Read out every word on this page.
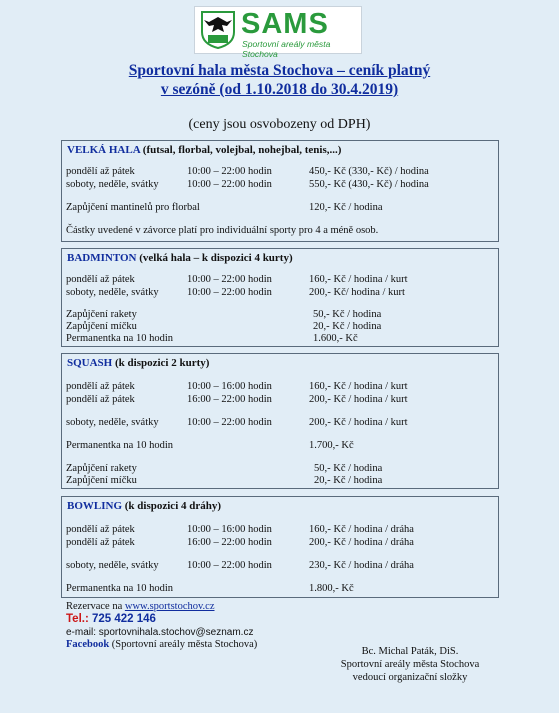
SAMS
Sportovní areály města Stochova
Sportovní hala města Stochova – ceník platný
v sezóně (od 1.10.2018 do 30.4.2019)
(ceny jsou osvobozeny od DPH)
VELKÁ HALA (futsal, florbal, volejbal, nohejbal, tenis,...)
pondělí až pátek	10:00 – 22:00 hodin	450,- Kč (330,- Kč) / hodina
soboty, neděle, svátky	10:00 – 22:00 hodin	550,- Kč (430,- Kč) / hodina
Zapůjčení mantinelů pro florbal	120,- Kč / hodina
Částky uvedené v závorce platí pro individuální sporty pro 4 a méně osob.
BADMINTON (velká hala – k dispozici 4 kurty)
pondělí až pátek	10:00 – 22:00 hodin	160,- Kč / hodina / kurt
soboty, neděle, svátky	10:00 – 22:00 hodin	200,- Kč/ hodina / kurt
Zapůjčení rakety	50,- Kč / hodina
Zapůjčení míčku	20,- Kč / hodina
Permanentka na 10 hodin	1.600,- Kč
SQUASH (k dispozici 2 kurty)
pondělí až pátek	10:00 – 16:00 hodin	160,- Kč / hodina / kurt
pondělí až pátek	16:00 – 22:00 hodin	200,- Kč / hodina / kurt
soboty, neděle, svátky	10:00 – 22:00 hodin	200,- Kč / hodina / kurt
Permanentka na 10 hodin	1.700,- Kč
Zapůjčení rakety	50,- Kč / hodina
Zapůjčení míčku	20,- Kč / hodina
BOWLING (k dispozici 4 dráhy)
pondělí až pátek	10:00 – 16:00 hodin	160,- Kč / hodina / dráha
pondělí až pátek	16:00 – 22:00 hodin	200,- Kč / hodina / dráha
soboty, neděle, svátky	10:00 – 22:00 hodin	230,- Kč / hodina / dráha
Permanentka na 10 hodin	1.800,- Kč
Rezervace na www.sportstochov.cz
Tel.: 725 422 146
e-mail: sportovnihala.stochov@seznam.cz
Facebook (Sportovní areály města Stochova)
Bc. Michal Paták, DiS.
Sportovní areály města Stochova
vedoucí organizační složky
